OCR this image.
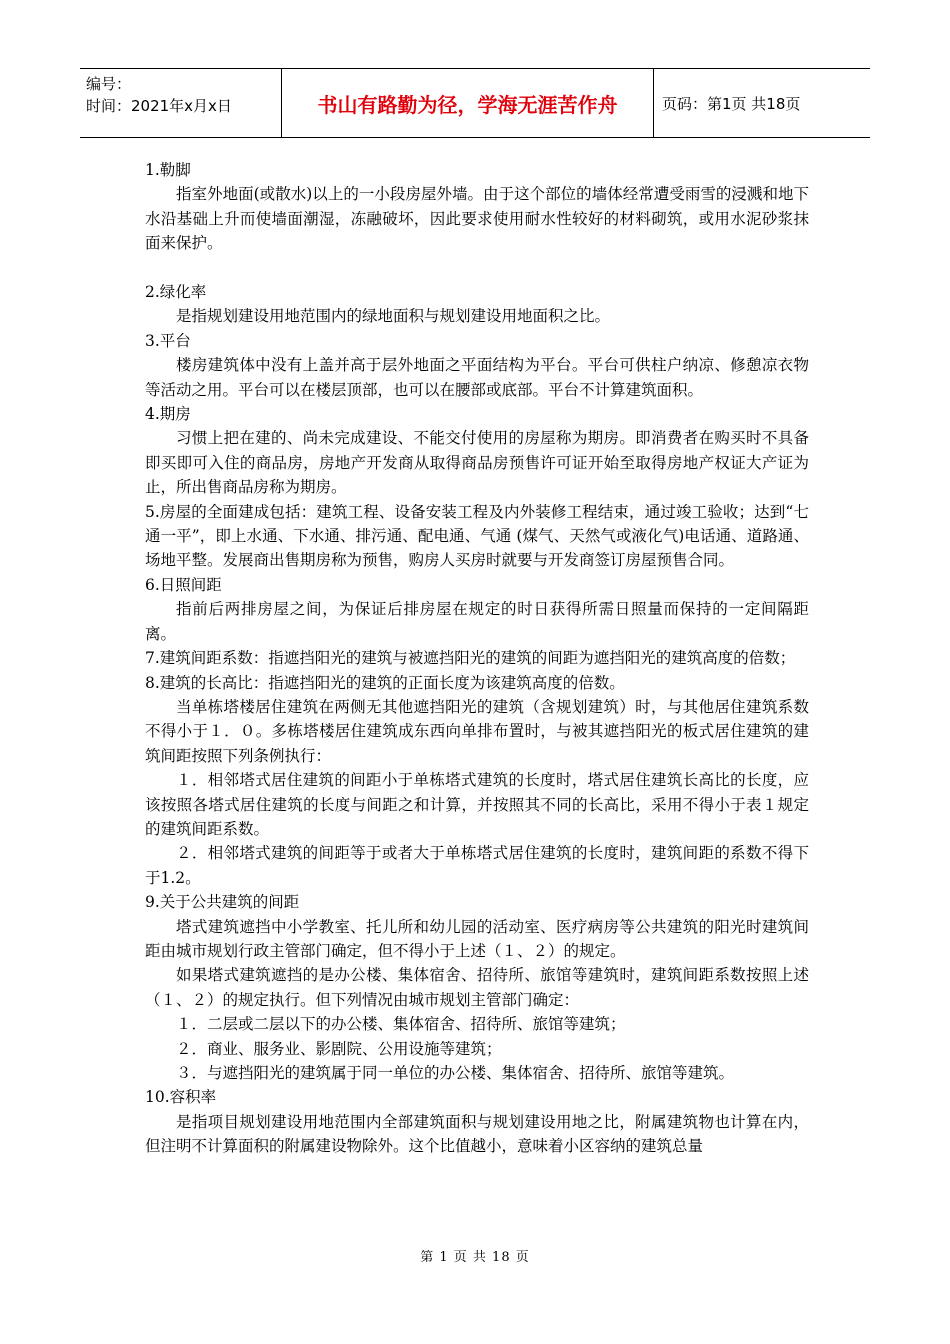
编号：
时间：2021年x月x日	书山有路勤为径，学海无涯苦作舟	页码：第1页 共18页

1.勒脚

指室外地面(或散水)以上的一小段房屋外墙。由于这个部位的墙体经常遭受雨雪的浸溅和地下水沿基础上升而使墙面潮湿，冻融破坏，因此要求使用耐水性较好的材料砌筑，或用水泥砂浆抹面来保护。

2.绿化率

是指规划建设用地范围内的绿地面积与规划建设用地面积之比。

3.平台

楼房建筑体中没有上盖并高于层外地面之平面结构为平台。平台可供柱户纳凉、修憩凉衣物等活动之用。平台可以在楼层顶部，也可以在腰部或底部。平台不计算建筑面积。

4.期房

习惯上把在建的、尚未完成建设、不能交付使用的房屋称为期房。即消费者在购买时不具备即买即可入住的商品房，房地产开发商从取得商品房预售许可证开始至取得房地产权证大产证为止，所出售商品房称为期房。

5.房屋的全面建成包括：建筑工程、设备安装工程及内外装修工程结束，通过竣工验收；达到“七通一平”，即上水通、下水通、排污通、配电通、气通 (煤气、天然气或液化气)电话通、道路通、场地平整。发展商出售期房称为预售，购房人买房时就要与开发商签订房屋预售合同。

6.日照间距

指前后两排房屋之间，为保证后排房屋在规定的时日获得所需日照量而保持的一定间隔距离。

7.建筑间距系数：指遮挡阳光的建筑与被遮挡阳光的建筑的间距为遮挡阳光的建筑高度的倍数；

8.建筑的长高比：指遮挡阳光的建筑的正面长度为该建筑高度的倍数。

当单栋塔楼居住建筑在两侧无其他遮挡阳光的建筑（含规划建筑）时，与其他居住建筑系数不得小于１．０。多栋塔楼居住建筑成东西向单排布置时，与被其遮挡阳光的板式居住建筑的建筑间距按照下列条例执行：

１．相邻塔式居住建筑的间距小于单栋塔式建筑的长度时，塔式居住建筑长高比的长度，应该按照各塔式居住建筑的长度与间距之和计算，并按照其不同的长高比，采用不得小于表１规定的建筑间距系数。

２．相邻塔式建筑的间距等于或者大于单栋塔式居住建筑的长度时，建筑间距的系数不得下于1.2。

9.关于公共建筑的间距

塔式建筑遮挡中小学教室、托儿所和幼儿园的活动室、医疗病房等公共建筑的阳光时建筑间距由城市规划行政主管部门确定，但不得小于上述（１、２）的规定。

如果塔式建筑遮挡的是办公楼、集体宿舍、招待所、旅馆等建筑时，建筑间距系数按照上述（１、２）的规定执行。但下列情况由城市规划主管部门确定：

１．二层或二层以下的办公楼、集体宿舍、招待所、旅馆等建筑；

２．商业、服务业、影剧院、公用设施等建筑；

３．与遮挡阳光的建筑属于同一单位的办公楼、集体宿舍、招待所、旅馆等建筑。

10.容积率

是指项目规划建设用地范围内全部建筑面积与规划建设用地之比，附属建筑物也计算在内，但注明不计算面积的附属建设物除外。这个比值越小，意味着小区容纳的建筑总量

第 1 页 共 18 页
